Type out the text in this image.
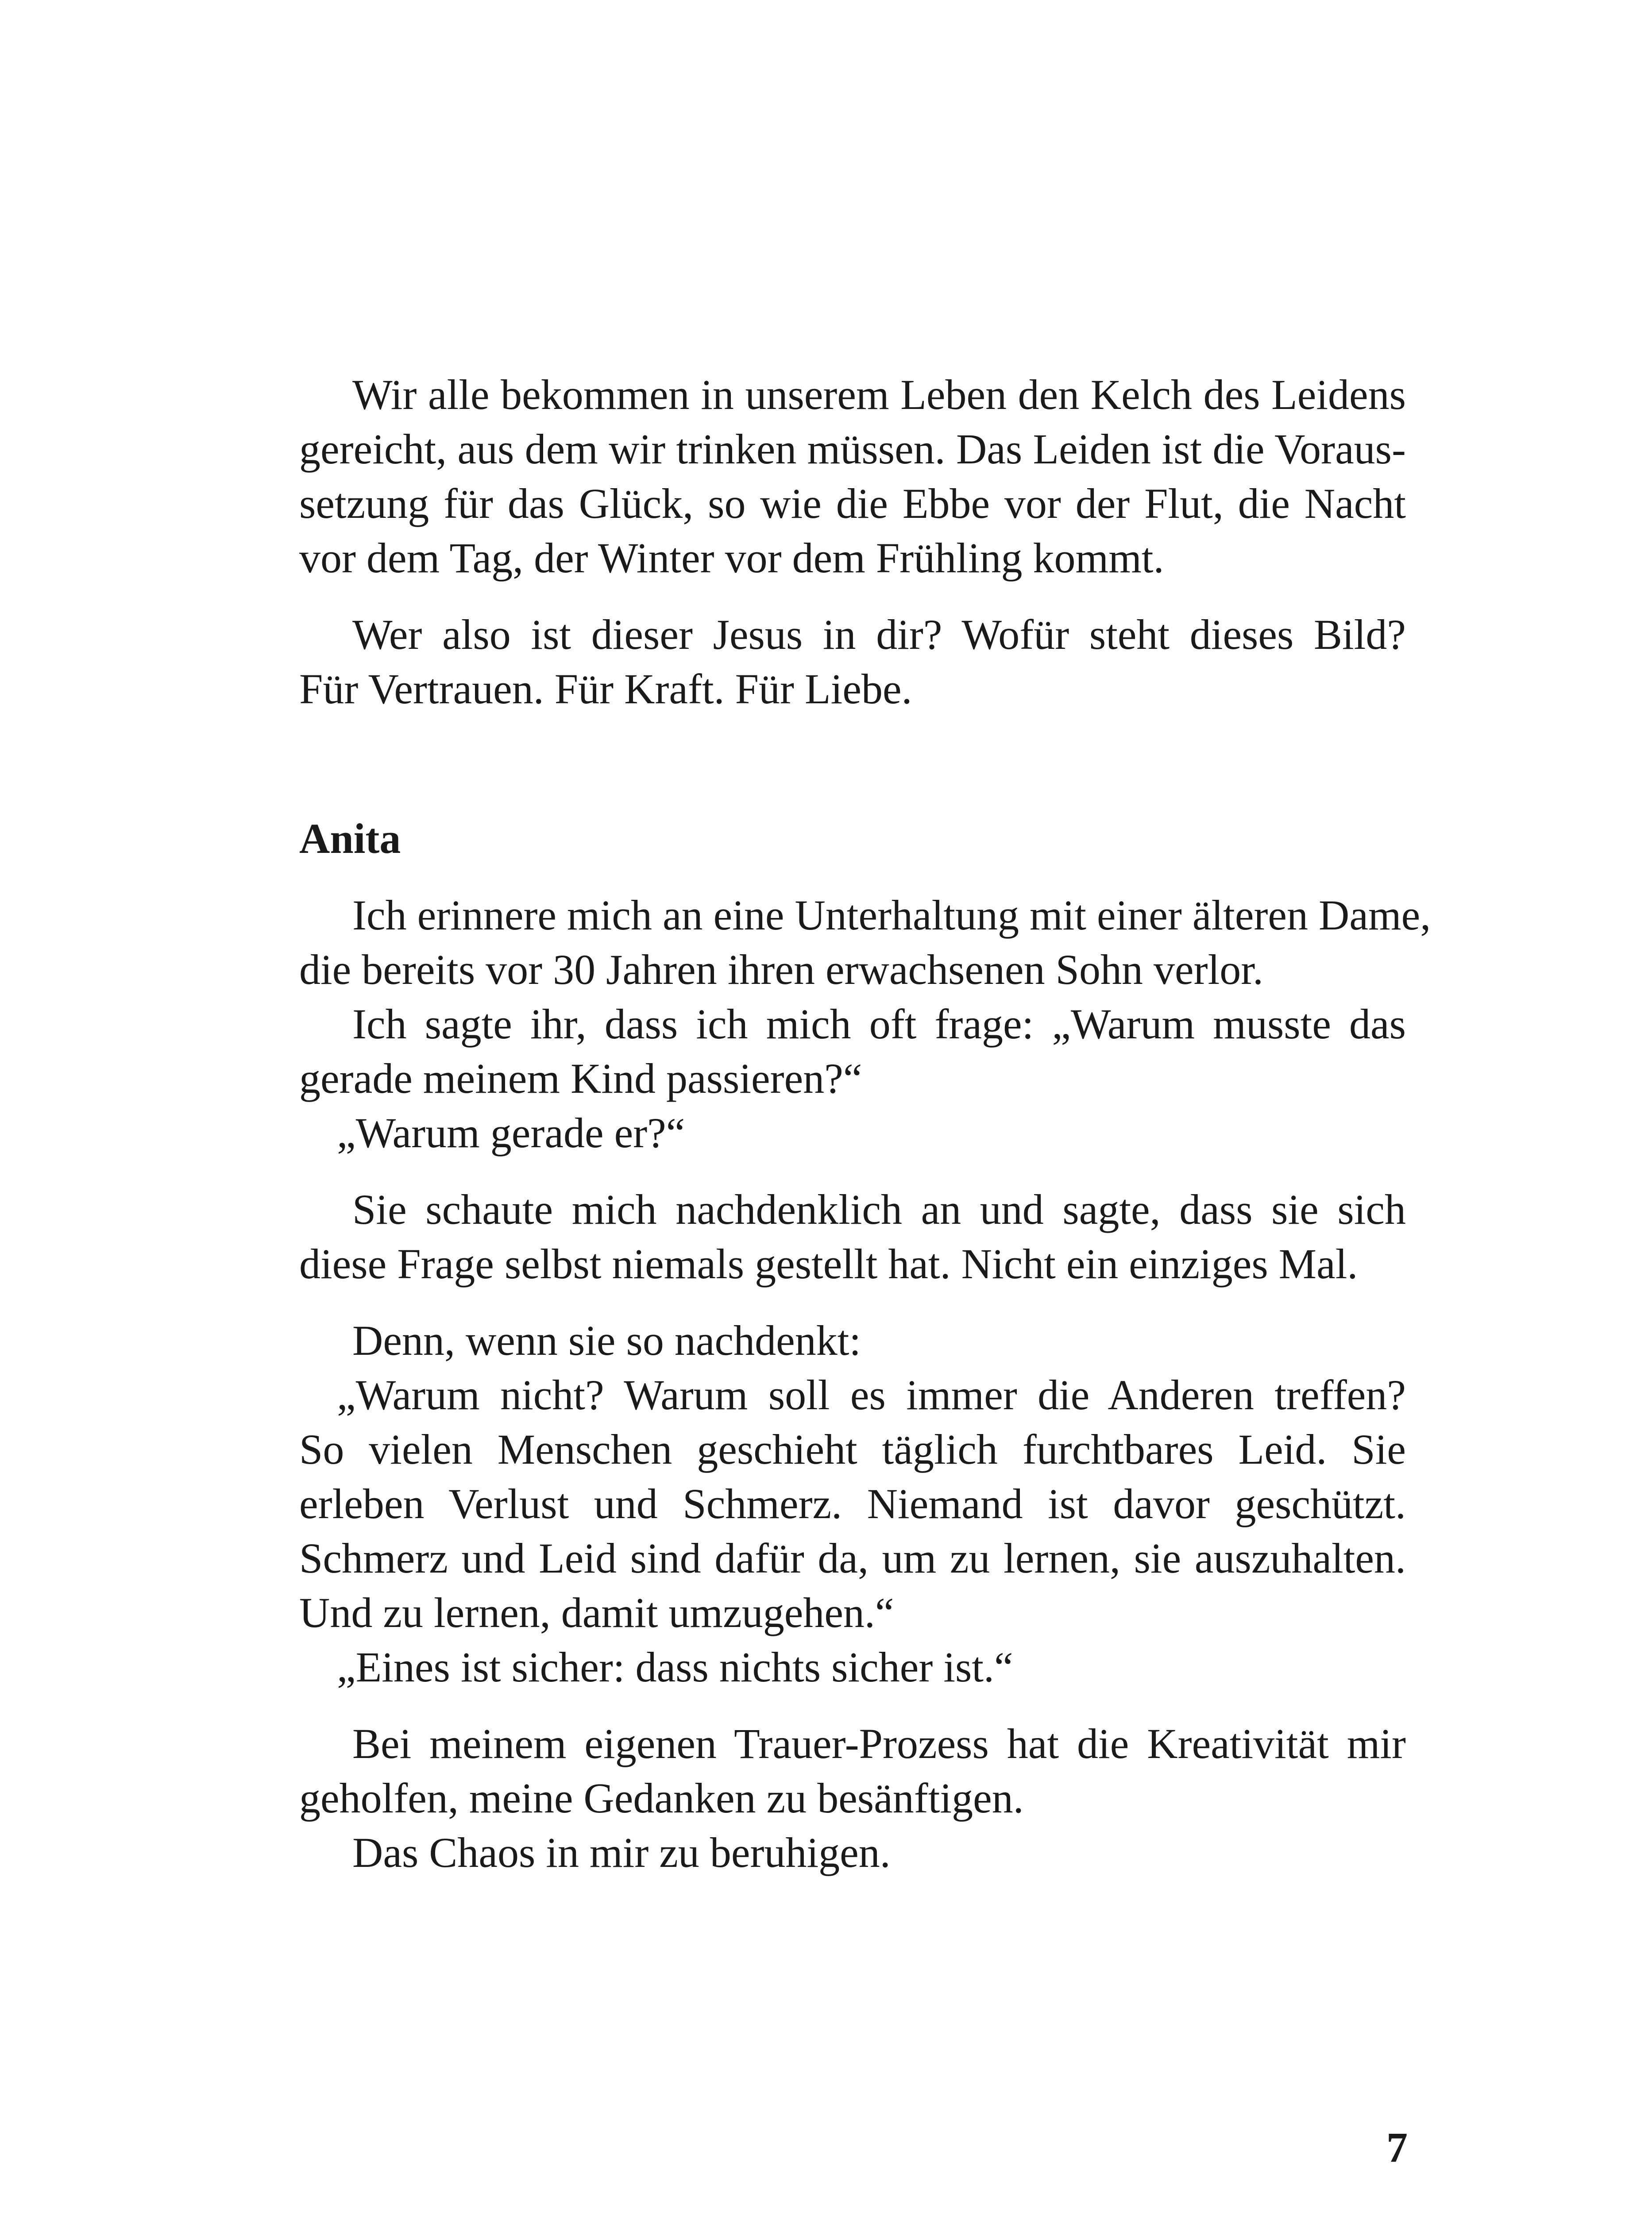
Wir alle bekommen in unserem Leben den Kelch des Leidens
gereicht, aus dem wir trinken müssen. Das Leiden ist die Voraus-
setzung für das Glück, so wie die Ebbe vor der Flut, die Nacht
vor dem Tag, der Winter vor dem Frühling kommt.
Wer also ist dieser Jesus in dir? Wofür steht dieses Bild?
Für Vertrauen. Für Kraft. Für Liebe.
Anita
Ich erinnere mich an eine Unterhaltung mit einer älteren Dame,
die bereits vor 30 Jahren ihren erwachsenen Sohn verlor.
Ich sagte ihr, dass ich mich oft frage: „Warum musste das
gerade meinem Kind passieren?“
„Warum gerade er?“
Sie schaute mich nachdenklich an und sagte, dass sie sich
diese Frage selbst niemals gestellt hat. Nicht ein einziges Mal.
Denn, wenn sie so nachdenkt:
„Warum nicht? Warum soll es immer die Anderen treffen?
So vielen Menschen geschieht täglich furchtbares Leid. Sie
erleben Verlust und Schmerz. Niemand ist davor geschützt.
Schmerz und Leid sind dafür da, um zu lernen, sie auszuhalten.
Und zu lernen, damit umzugehen.“
„Eines ist sicher: dass nichts sicher ist.“
Bei meinem eigenen Trauer-Prozess hat die Kreativität mir
geholfen, meine Gedanken zu besänftigen.
Das Chaos in mir zu beruhigen.
7
